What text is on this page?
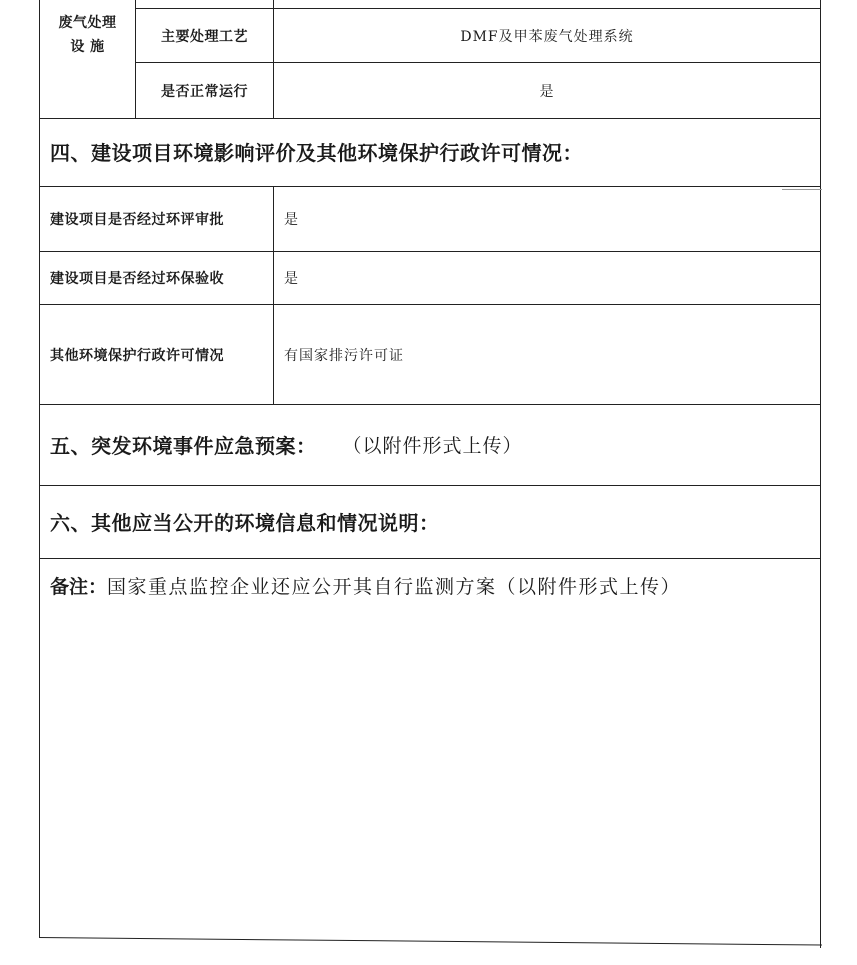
废气处理
设 施
主要处理工艺	DMF及甲苯废气处理系统
是否正常运行	是
四、建设项目环境影响评价及其他环境保护行政许可情况：
建设项目是否经过环评审批	是
建设项目是否经过环保验收	是
其他环境保护行政许可情况	有国家排污许可证
五、突发环境事件应急预案： （以附件形式上传）
六、其他应当公开的环境信息和情况说明：
备注： 国家重点监控企业还应公开其自行监测方案（以附件形式上传）
